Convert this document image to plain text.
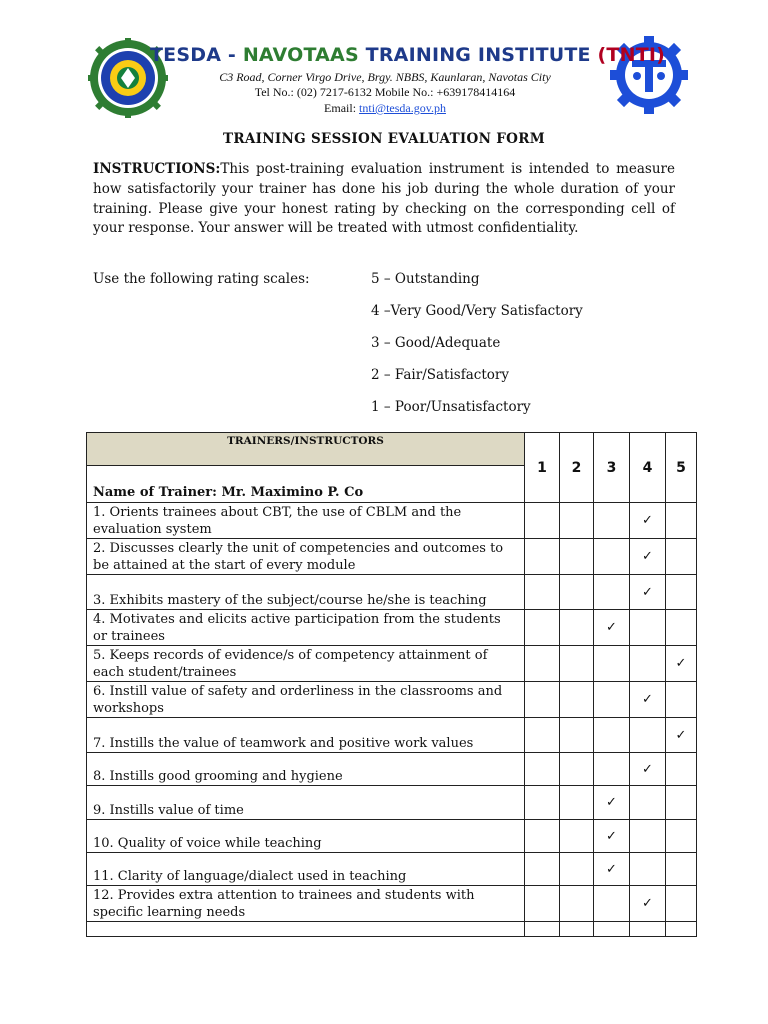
TESDA - NAVOTAAS TRAINING INSTITUTE (TNTI)
C3 Road, Corner Virgo Drive, Brgy. NBBS, Kaunlaran, Navotas City
Tel No.: (02) 7217-6132 Mobile No.: +639178414164
Email: tnti@tesda.gov.ph
TRAINING SESSION EVALUATION FORM
INSTRUCTIONS:This post-training evaluation instrument is intended to measure how satisfactorily your trainer has done his job during the whole duration of your training. Please give your honest rating by checking on the corresponding cell of your response. Your answer will be treated with utmost confidentiality.
Use the following rating scales:	5 – Outstanding
4 –Very Good/Very Satisfactory
3 – Good/Adequate
2 – Fair/Satisfactory
1 – Poor/Unsatisfactory
TRAINERS/INSTRUCTORS	1	2	3	4	5
Name of Trainer: Mr. Maximino P. Co					
1. Orients trainees about CBT, the use of CBLM and the evaluation system				✓	
2. Discusses clearly the unit of competencies and outcomes to be attained at the start of every module				✓	
3. Exhibits mastery of the subject/course he/she is teaching				✓	
4. Motivates and elicits active participation from the students or trainees			✓		
5. Keeps records of evidence/s of competency attainment of each student/trainees					✓
6. Instill value of safety and orderliness in the classrooms and workshops				✓	
7. Instills the value of teamwork and positive work values					✓
8. Instills good grooming and hygiene				✓	
9. Instills value of time			✓		
10. Quality of voice while teaching			✓		
11. Clarity of language/dialect used in teaching			✓		
12. Provides extra attention to trainees and students with specific learning needs				✓	
